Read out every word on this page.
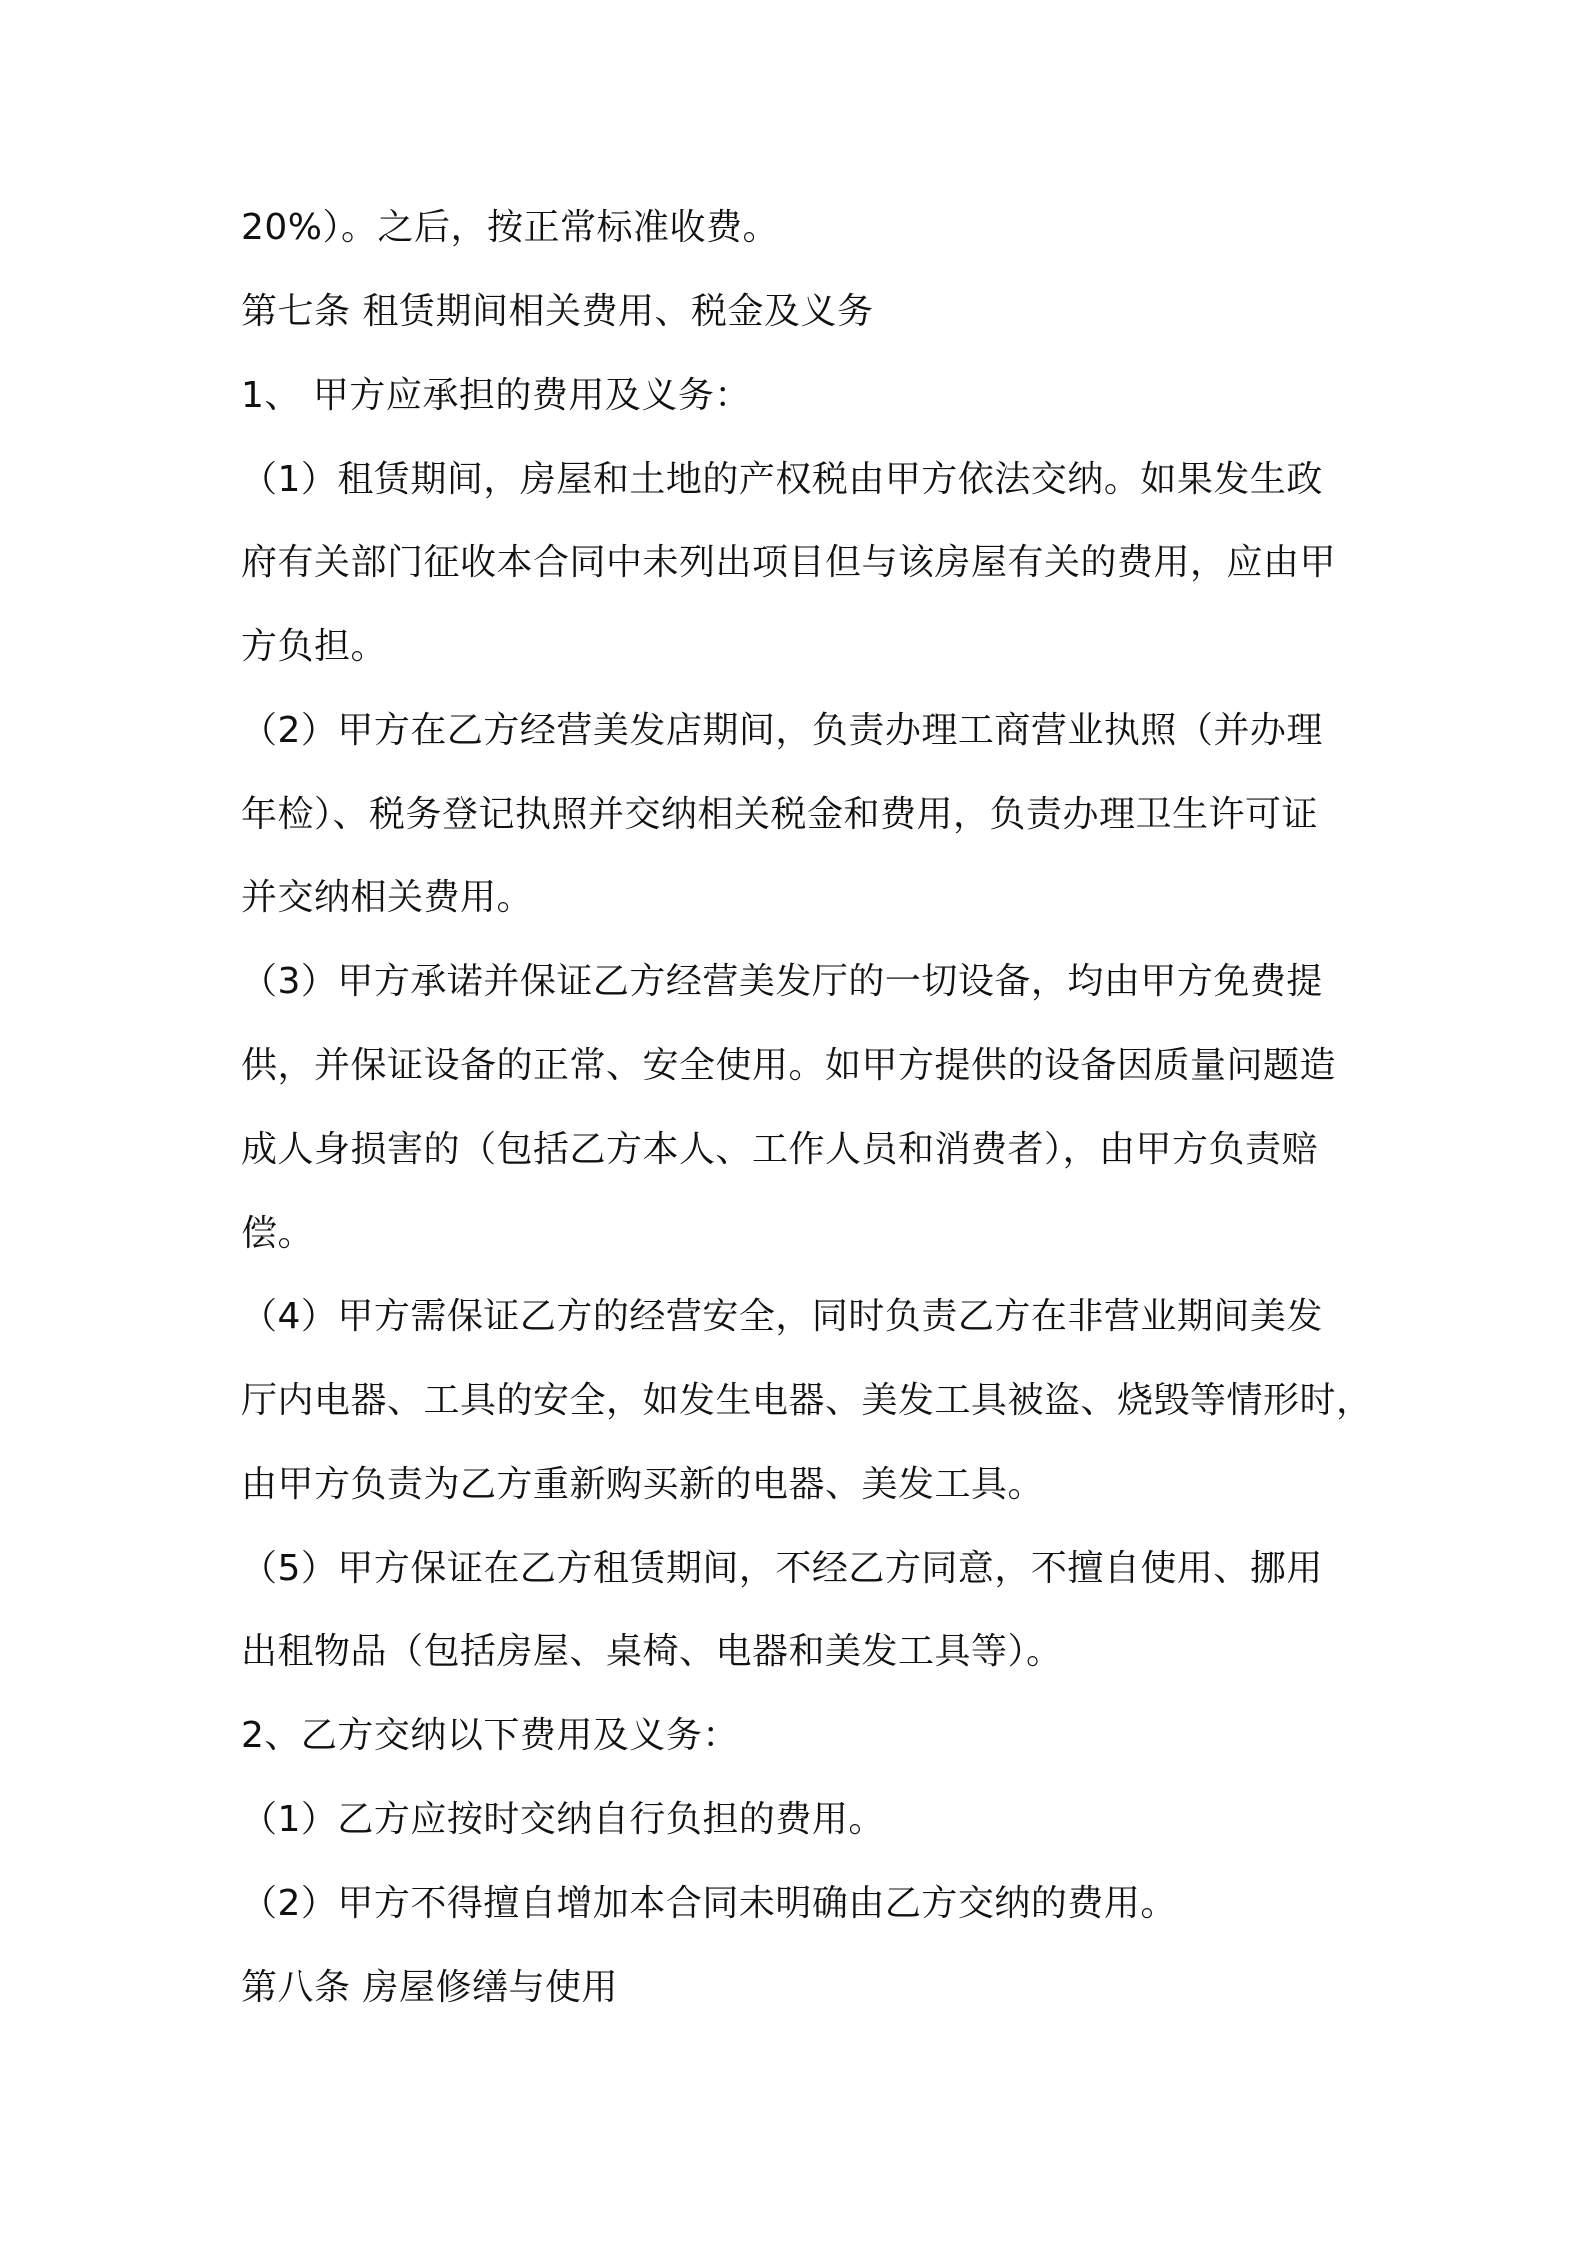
20%）。之后，按正常标准收费。
第七条 租赁期间相关费用、税金及义务
1、 甲方应承担的费用及义务：
（1）租赁期间，房屋和土地的产权税由甲方依法交纳。如果发生政
府有关部门征收本合同中未列出项目但与该房屋有关的费用，应由甲
方负担。
（2）甲方在乙方经营美发店期间，负责办理工商营业执照（并办理
年检）、税务登记执照并交纳相关税金和费用，负责办理卫生许可证
并交纳相关费用。
（3）甲方承诺并保证乙方经营美发厅的一切设备，均由甲方免费提
供，并保证设备的正常、安全使用。如甲方提供的设备因质量问题造
成人身损害的（包括乙方本人、工作人员和消费者），由甲方负责赔
偿。
（4）甲方需保证乙方的经营安全，同时负责乙方在非营业期间美发
厅内电器、工具的安全，如发生电器、美发工具被盗、烧毁等情形时，
由甲方负责为乙方重新购买新的电器、美发工具。
（5）甲方保证在乙方租赁期间，不经乙方同意，不擅自使用、挪用
出租物品（包括房屋、桌椅、电器和美发工具等）。
2、乙方交纳以下费用及义务：
（1）乙方应按时交纳自行负担的费用。
（2）甲方不得擅自增加本合同未明确由乙方交纳的费用。
第八条 房屋修缮与使用
